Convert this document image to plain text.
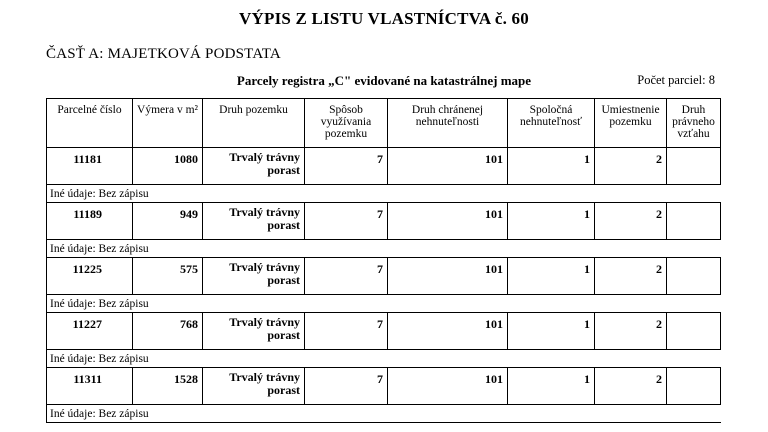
VÝPIS Z LISTU VLASTNÍCTVA č. 60
ČASŤ A: MAJETKOVÁ PODSTATA
Parcely registra „C" evidované na katastrálnej mape	Počet parciel: 8
Parcelné číslo	Výmera v m²	Druh pozemku	Spôsob využívania pozemku	Druh chránenej nehnuteľnosti	Spoločná nehnuteľnosť	Umiestnenie pozemku	Druh právneho vzťahu
11181	1080	Trvalý trávny porast	7	101	1	2	
Iné údaje: Bez zápisu							
11189	949	Trvalý trávny porast	7	101	1	2	
Iné údaje: Bez zápisu							
11225	575	Trvalý trávny porast	7	101	1	2	
Iné údaje: Bez zápisu							
11227	768	Trvalý trávny porast	7	101	1	2	
Iné údaje: Bez zápisu							
11311	1528	Trvalý trávny porast	7	101	1	2	
Iné údaje: Bez zápisu							
